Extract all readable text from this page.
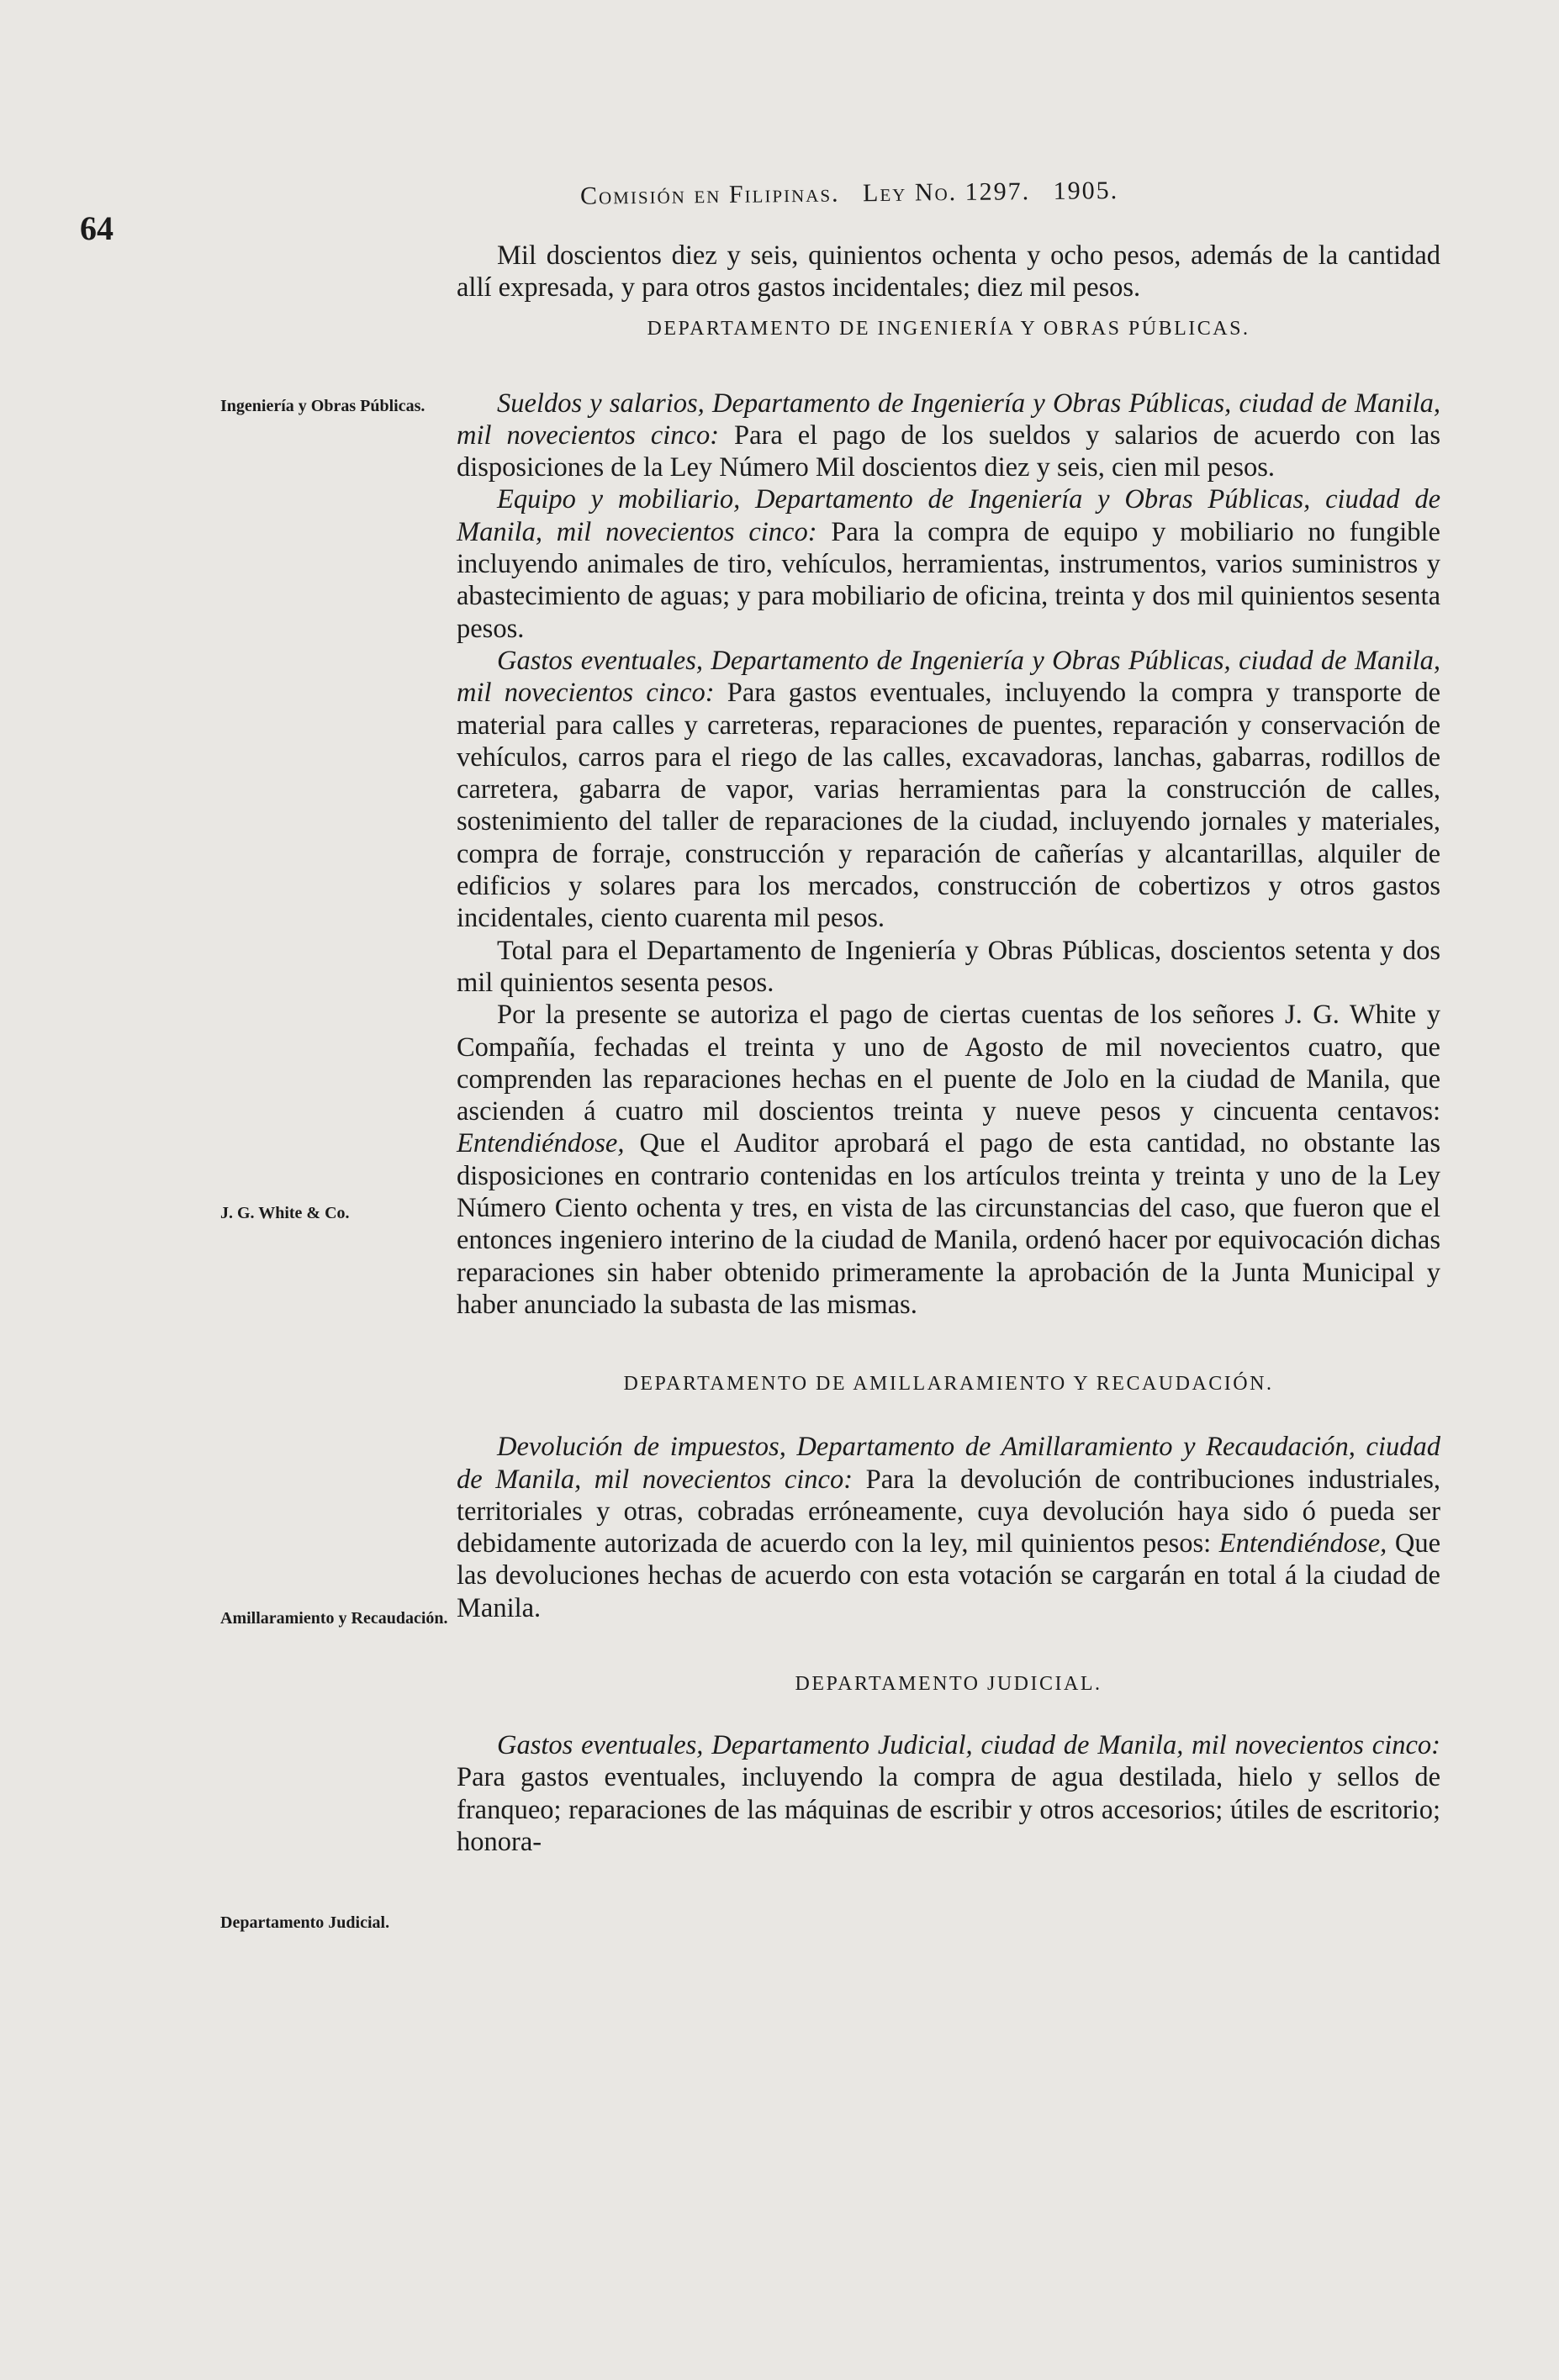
64
Comisión en Filipinas. Ley No. 1297. 1905.
Ingeniería y Obras Públicas.
J. G. White & Co.
Amillaramiento y Recaudación.
Departamento Judicial.

Mil doscientos diez y seis, quinientos ochenta y ocho pesos, además de la cantidad allí expresada, y para otros gastos incidentales; diez mil pesos.

DEPARTAMENTO DE INGENIERÍA Y OBRAS PÚBLICAS.

Sueldos y salarios, Departamento de Ingeniería y Obras Públicas, ciudad de Manila, mil novecientos cinco: Para el pago de los sueldos y salarios de acuerdo con las disposiciones de la Ley Número Mil doscientos diez y seis, cien mil pesos.

Equipo y mobiliario, Departamento de Ingeniería y Obras Públicas, ciudad de Manila, mil novecientos cinco: Para la compra de equipo y mobiliario no fungible incluyendo animales de tiro, vehículos, herramientas, instrumentos, varios suministros y abastecimiento de aguas; y para mobiliario de oficina, treinta y dos mil quinientos sesenta pesos.

Gastos eventuales, Departamento de Ingeniería y Obras Públicas, ciudad de Manila, mil novecientos cinco: Para gastos eventuales, incluyendo la compra y transporte de material para calles y carreteras, reparaciones de puentes, reparación y conservación de vehículos, carros para el riego de las calles, excavadoras, lanchas, gabarras, rodillos de carretera, gabarra de vapor, varias herramientas para la construcción de calles, sostenimiento del taller de reparaciones de la ciudad, incluyendo jornales y materiales, compra de forraje, construcción y reparación de cañerías y alcantarillas, alquiler de edificios y solares para los mercados, construcción de cobertizos y otros gastos incidentales, ciento cuarenta mil pesos.

Total para el Departamento de Ingeniería y Obras Públicas, doscientos setenta y dos mil quinientos sesenta pesos.

Por la presente se autoriza el pago de ciertas cuentas de los señores J. G. White y Compañía, fechadas el treinta y uno de Agosto de mil novecientos cuatro, que comprenden las reparaciones hechas en el puente de Jolo en la ciudad de Manila, que ascienden á cuatro mil doscientos treinta y nueve pesos y cincuenta centavos: Entendiéndose, Que el Auditor aprobará el pago de esta cantidad, no obstante las disposiciones en contrario contenidas en los artículos treinta y treinta y uno de la Ley Número Ciento ochenta y tres, en vista de las circunstancias del caso, que fueron que el entonces ingeniero interino de la ciudad de Manila, ordenó hacer por equivocación dichas reparaciones sin haber obtenido primeramente la aprobación de la Junta Municipal y haber anunciado la subasta de las mismas.

DEPARTAMENTO DE AMILLARAMIENTO Y RECAUDACIÓN.

Devolución de impuestos, Departamento de Amillaramiento y Recaudación, ciudad de Manila, mil novecientos cinco: Para la devolución de contribuciones industriales, territoriales y otras, cobradas erróneamente, cuya devolución haya sido ó pueda ser debidamente autorizada de acuerdo con la ley, mil quinientos pesos: Entendiéndose, Que las devoluciones hechas de acuerdo con esta votación se cargarán en total á la ciudad de Manila.

DEPARTAMENTO JUDICIAL.

Gastos eventuales, Departamento Judicial, ciudad de Manila, mil novecientos cinco: Para gastos eventuales, incluyendo la compra de agua destilada, hielo y sellos de franqueo; reparaciones de las máquinas de escribir y otros accesorios; útiles de escritorio; honora-
